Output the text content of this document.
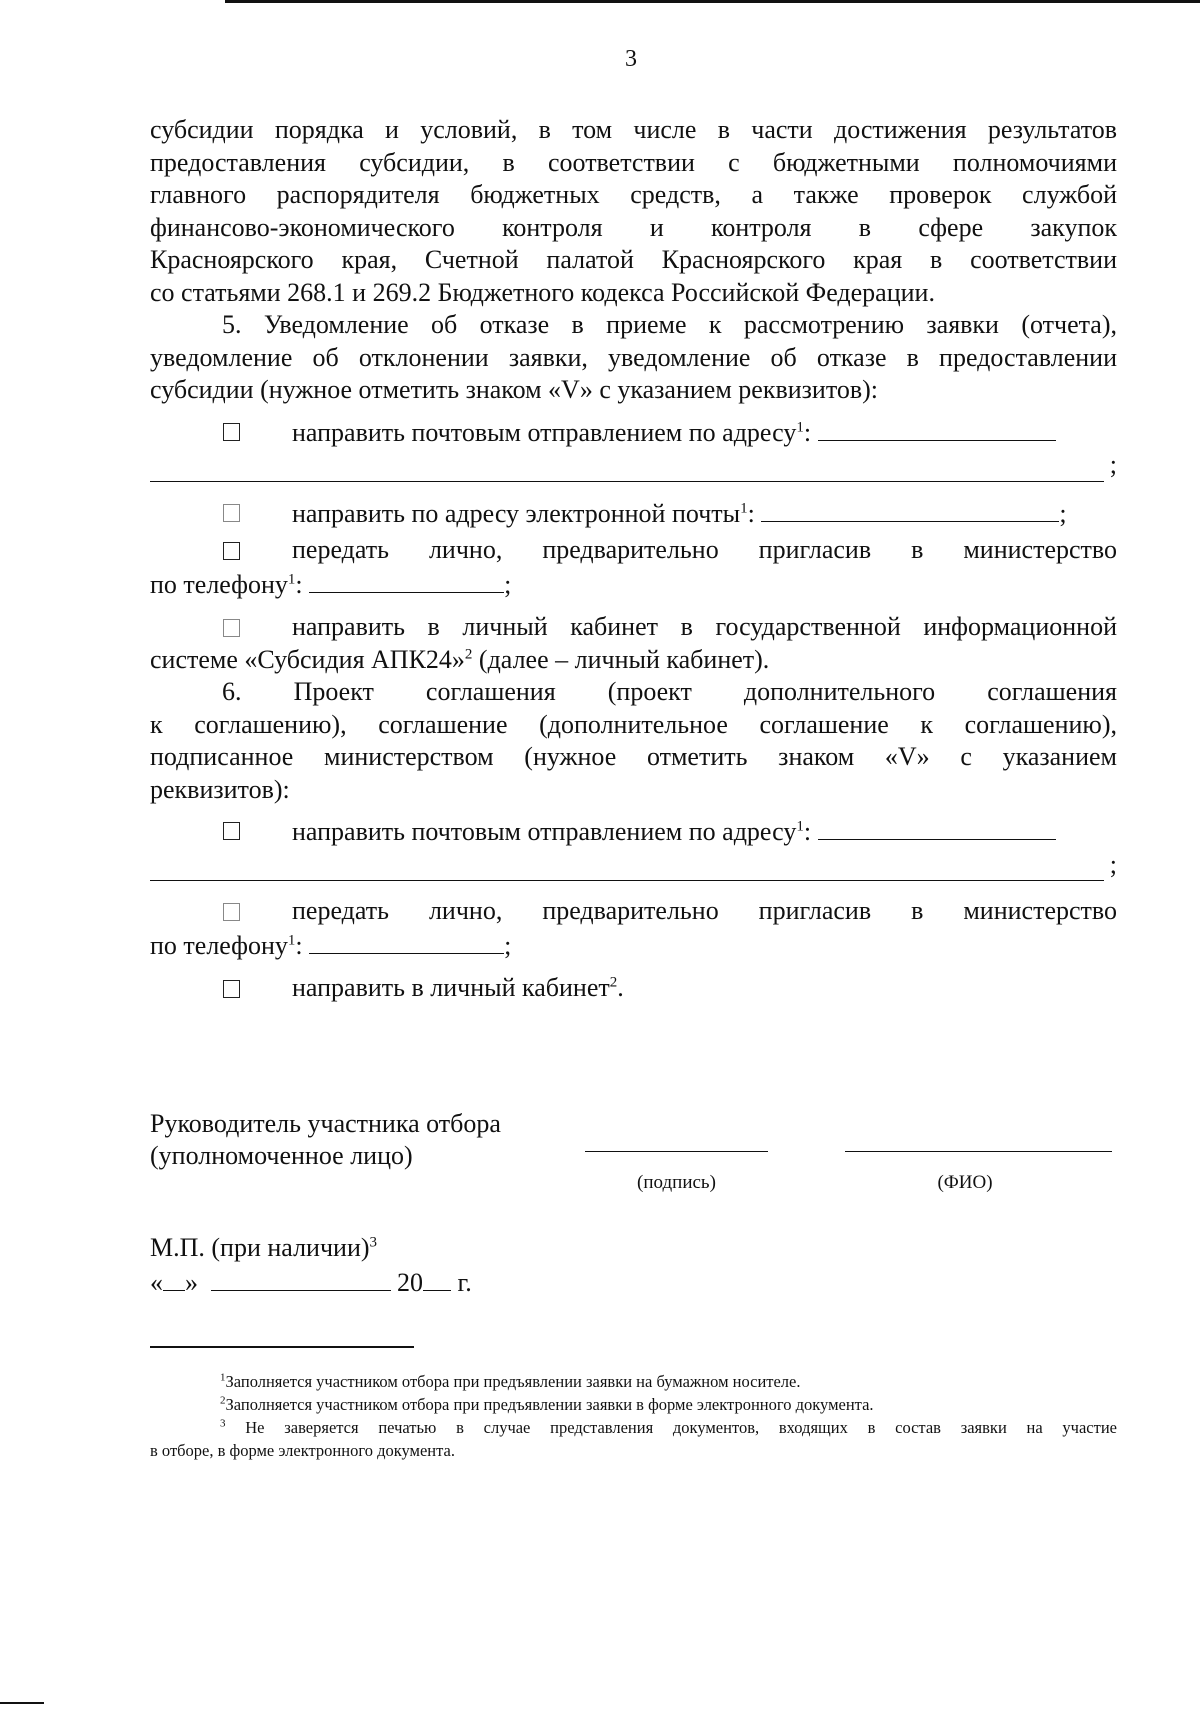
3
субсидии порядка и условий, в том числе в части достижения результатов
предоставления субсидии, в соответствии с бюджетными полномочиями
главного распорядителя бюджетных средств, а также проверок службой
финансово-экономического контроля и контроля в сфере закупок
Красноярского края, Счетной палатой Красноярского края в соответствии
со статьями 268.1 и 269.2 Бюджетного кодекса Российской Федерации.
5. Уведомление об отказе в приеме к рассмотрению заявки (отчета),
уведомление об отклонении заявки, уведомление об отказе в предоставлении
субсидии (нужное отметить знаком «V» с указанием реквизитов):
направить почтовым отправлением по адресу$^1$:
;
направить по адресу электронной почты$^1$:	;
передать лично, предварительно пригласив в министерство
по телефону$^1$:	;
направить в личный кабинет в государственной информационной
системе «Субсидия АПК24»$^2$ (далее – личный кабинет).
6. Проект соглашения (проект дополнительного соглашения
к соглашению), соглашение (дополнительное соглашение к соглашению),
подписанное министерством (нужное отметить знаком «V» с указанием
реквизитов):
направить почтовым отправлением по адресу$^1$:
;
передать лично, предварительно пригласив в министерство
по телефону$^1$:	;
направить в личный кабинет$^2$.
Руководитель участника отбора
(уполномоченное лицо)
(подпись)	(ФИО)
М.П. (при наличии)$^3$
« »	20 г.
$^1$Заполняется участником отбора при предъявлении заявки на бумажном носителе.
$^2$Заполняется участником отбора при предъявлении заявки в форме электронного документа.
$^3$ Не заверяется печатью в случае представления документов, входящих в состав заявки на участие
в отборе, в форме электронного документа.
